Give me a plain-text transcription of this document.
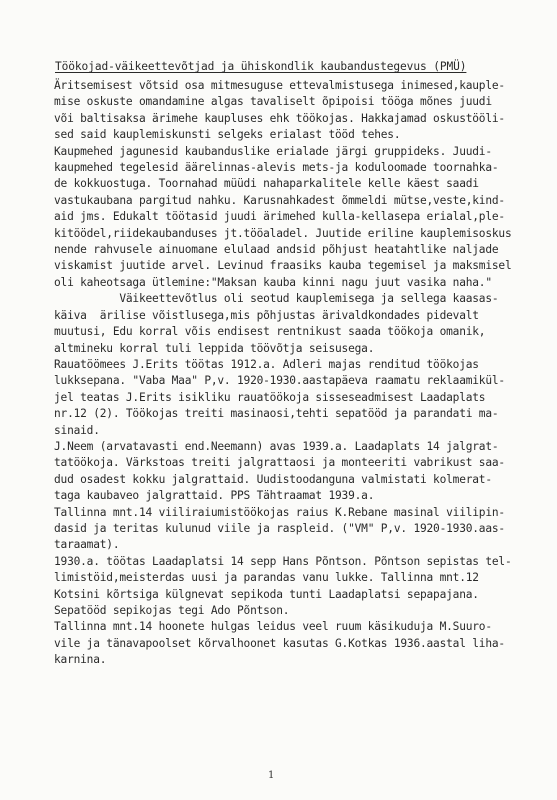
Töökojad-väikeettevõtjad ja ühiskondlik kaubandustegevus (PMÜ)
Äritsemisest võtsid osa mitmesuguse ettevalmistusega inimesed,kauple-
mise oskuste omandamine algas tavaliselt õpipoisi tööga mõnes juudi
või baltisaksa ärimehe kaupluses ehk töökojas. Hakkajamad oskustööli-
sed said kauplemiskunsti selgeks erialast tööd tehes.
Kaupmehed jagunesid kaubanduslike erialade järgi gruppideks. Juudi-
kaupmehed tegelesid äärelinnas-alevis mets-ja koduloomade toornahka-
de kokkuostuga. Toornahad müüdi nahaparkalitele kelle käest saadi
vastukaubana pargitud nahku. Karusnahkadest õmmeldi mütse,veste,kind-
aid jms. Edukalt töötasid juudi ärimehed kulla-kellasepa erialal,ple-
kitöödel,riidekaubanduses jt.tööaladel. Juutide eriline kauplemisoskus
nende rahvusele ainuomane elulaad andsid põhjust heatahtlike naljade
viskamist juutide arvel. Levinud fraasiks kauba tegemisel ja maksmisel
oli kaheotsaga ütlemine:"Maksan kauba kinni nagu juut vasika naha."
Väikeettevõtlus oli seotud kauplemisega ja sellega kaasas-
käiva  ärilise võistlusega,mis põhjustas ärivaldkondades pidevalt
muutusi, Edu korral võis endisest rentnikust saada töökoja omanik,
altmineku korral tuli leppida töövõtja seisusega.
Rauatöömees J.Erits töötas 1912.a. Adleri majas renditud töökojas
lukksepana. "Vaba Maa" P,v. 1920-1930.aastapäeva raamatu reklaamikül-
jel teatas J.Erits isikliku rauatöökoja sisseseadmisest Laadaplats
nr.12 (2). Töökojas treiti masinaosi,tehti sepatööd ja parandati ma-
sinaid.
J.Neem (arvatavasti end.Neemann) avas 1939.a. Laadaplats 14 jalgrat-
tatöökoja. Värkstoas treiti jalgrattaosi ja monteeriti vabrikust saa-
dud osadest kokku jalgrattaid. Uudistoodanguna valmistati kolmerat-
taga kaubaveo jalgrattaid. PPS Tähtraamat 1939.a.
Tallinna mnt.14 viiliraiumistöökojas raius K.Rebane masinal viilipin-
dasid ja teritas kulunud viile ja raspleid. ("VM" P,v. 1920-1930.aas-
taraamat).
1930.a. töötas Laadaplatsi 14 sepp Hans Põntson. Põntson sepistas tel-
limistöid,meisterdas uusi ja parandas vanu lukke. Tallinna mnt.12
Kotsini kõrtsiga külgnevat sepikoda tunti Laadaplatsi sepapajana.
Sepatööd sepikojas tegi Ado Põntson.
Tallinna mnt.14 hoonete hulgas leidus veel ruum käsikuduja M.Suuro-
vile ja tänavapoolset kõrvalhoonet kasutas G.Kotkas 1936.aastal liha-
karnina.
1
